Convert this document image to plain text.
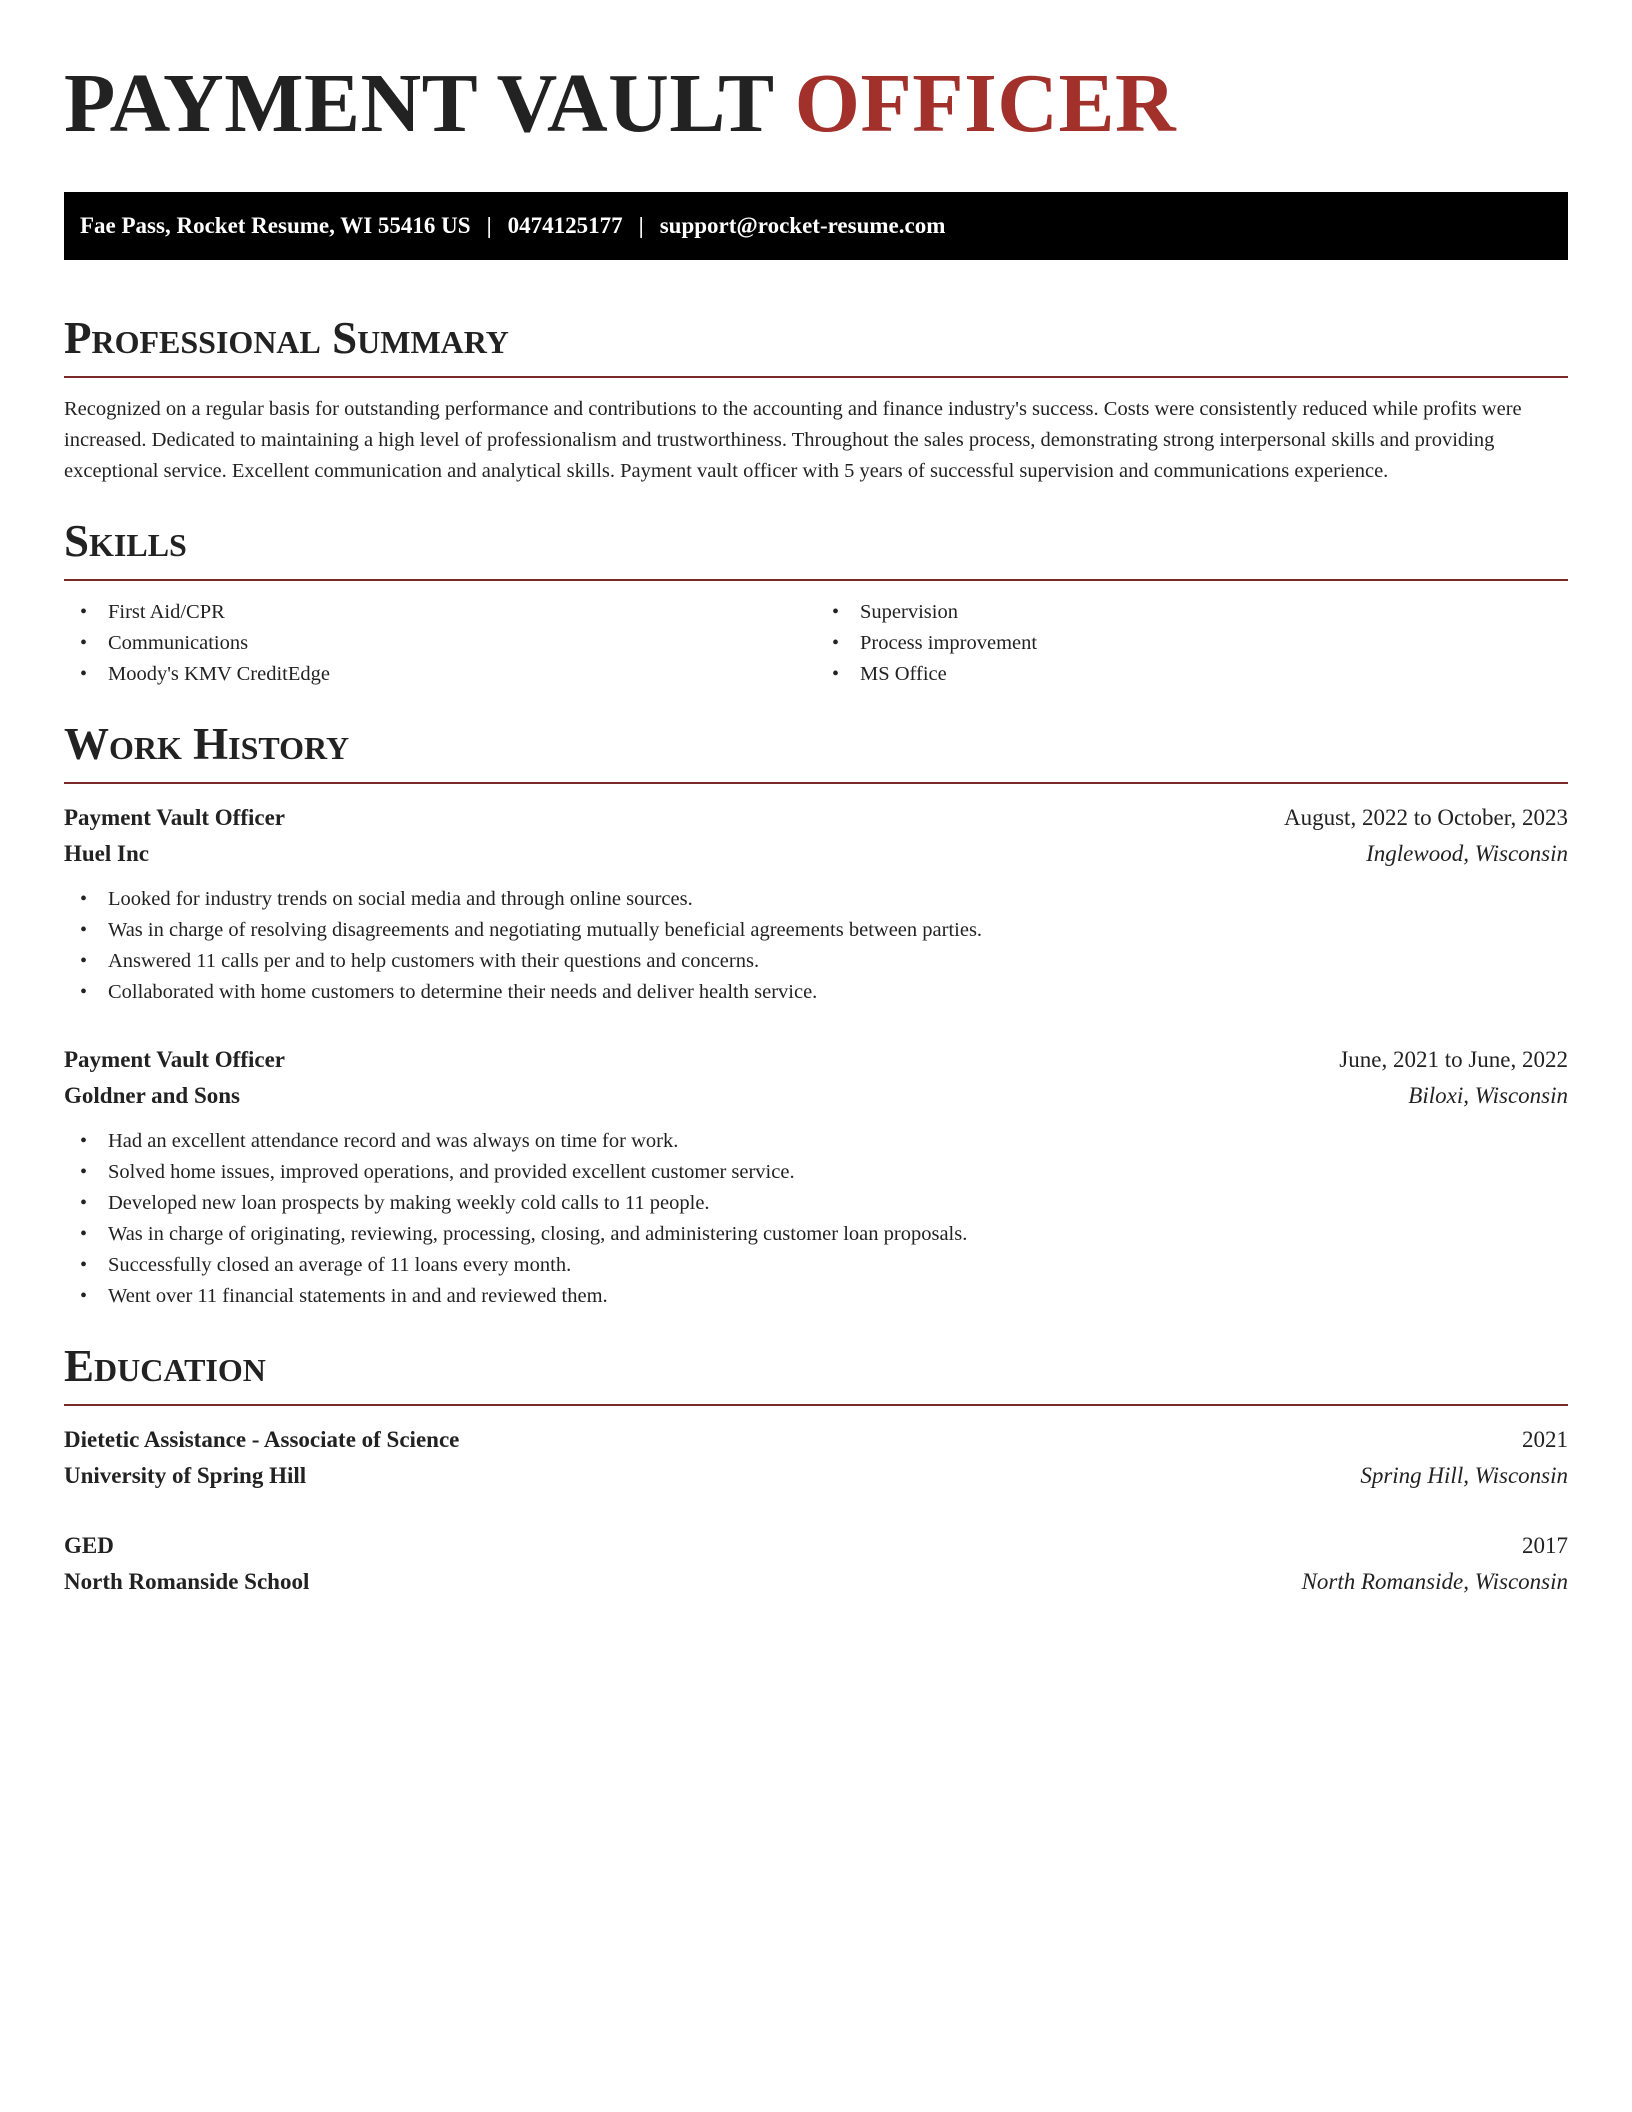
PAYMENT VAULT OFFICER
Fae Pass, Rocket Resume, WI 55416 US | 0474125177 | support@rocket-resume.com
Professional Summary

Recognized on a regular basis for outstanding performance and contributions to the accounting and finance industry's success. Costs were consistently reduced while profits were increased. Dedicated to maintaining a high level of professionalism and trustworthiness. Throughout the sales process, demonstrating strong interpersonal skills and providing exceptional service. Excellent communication and analytical skills. Payment vault officer with 5 years of successful supervision and communications experience.

Skills
• First Aid/CPR
• Communications
• Moody's KMV CreditEdge
• Supervision
• Process improvement
• MS Office
Work History
Payment Vault Officer	August, 2022 to October, 2023
Huel Inc	Inglewood, Wisconsin
• Looked for industry trends on social media and through online sources.
• Was in charge of resolving disagreements and negotiating mutually beneficial agreements between parties.
• Answered 11 calls per and to help customers with their questions and concerns.
• Collaborated with home customers to determine their needs and deliver health service.
Payment Vault Officer	June, 2021 to June, 2022
Goldner and Sons	Biloxi, Wisconsin
• Had an excellent attendance record and was always on time for work.
• Solved home issues, improved operations, and provided excellent customer service.
• Developed new loan prospects by making weekly cold calls to 11 people.
• Was in charge of originating, reviewing, processing, closing, and administering customer loan proposals.
• Successfully closed an average of 11 loans every month.
• Went over 11 financial statements in and and reviewed them.
Education
Dietetic Assistance - Associate of Science	2021
University of Spring Hill	Spring Hill, Wisconsin
GED	2017
North Romanside School	North Romanside, Wisconsin
